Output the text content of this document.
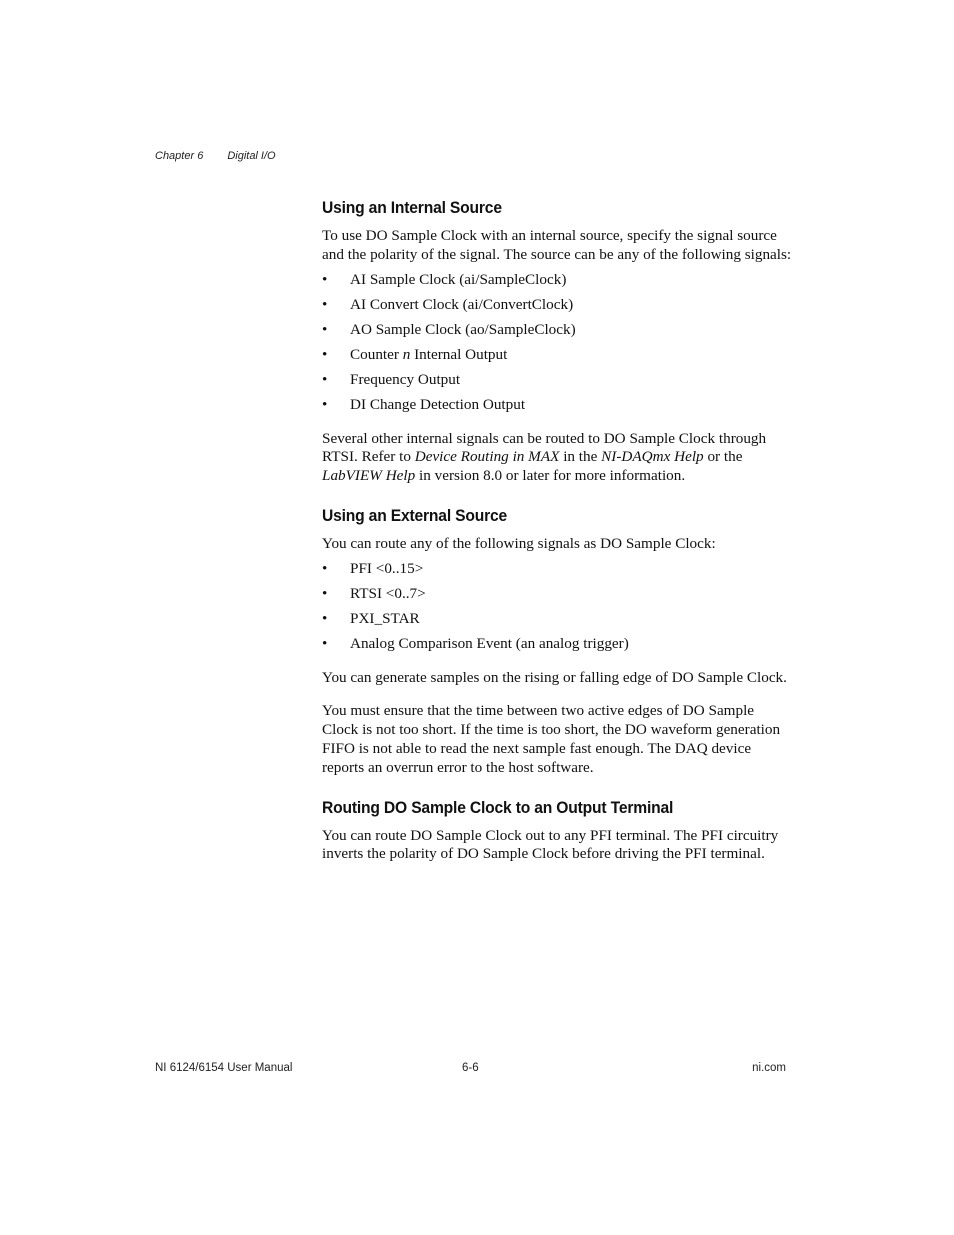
Chapter 6 Digital I/O
Using an Internal Source

To use DO Sample Clock with an internal source, specify the signal source and the polarity of the signal. The source can be any of the following signals:

• AI Sample Clock (ai/SampleClock)
• AI Convert Clock (ai/ConvertClock)
• AO Sample Clock (ao/SampleClock)
• Counter n Internal Output
• Frequency Output
• DI Change Detection Output

Several other internal signals can be routed to DO Sample Clock through RTSI. Refer to Device Routing in MAX in the NI-DAQmx Help or the LabVIEW Help in version 8.0 or later for more information.

Using an External Source

You can route any of the following signals as DO Sample Clock:

• PFI <0..15>
• RTSI <0..7>
• PXI_STAR
• Analog Comparison Event (an analog trigger)

You can generate samples on the rising or falling edge of DO Sample Clock.

You must ensure that the time between two active edges of DO Sample Clock is not too short. If the time is too short, the DO waveform generation FIFO is not able to read the next sample fast enough. The DAQ device reports an overrun error to the host software.

Routing DO Sample Clock to an Output Terminal

You can route DO Sample Clock out to any PFI terminal. The PFI circuitry inverts the polarity of DO Sample Clock before driving the PFI terminal.

NI 6124/6154 User Manual	6-6	ni.com
